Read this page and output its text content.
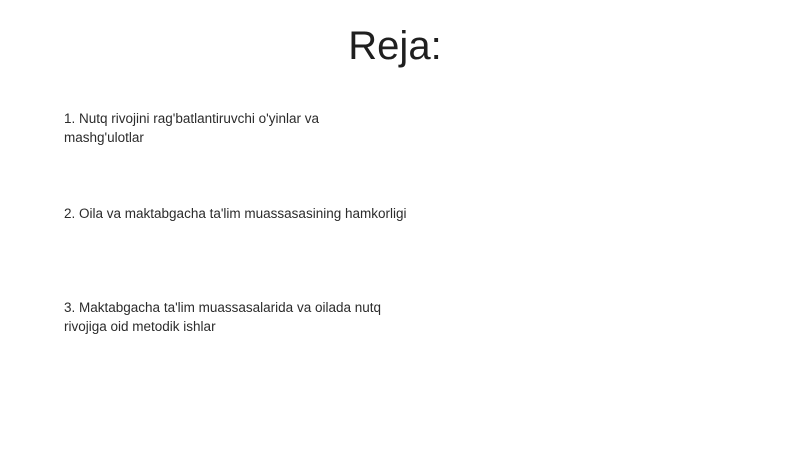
Reja:

1. Nutq rivojini rag'batlantiruvchi o'yinlar va mashg'ulotlar

2. Oila va maktabgacha ta'lim muassasasining hamkorligi

3. Maktabgacha ta'lim muassasalarida va oilada nutq rivojiga oid metodik ishlar
